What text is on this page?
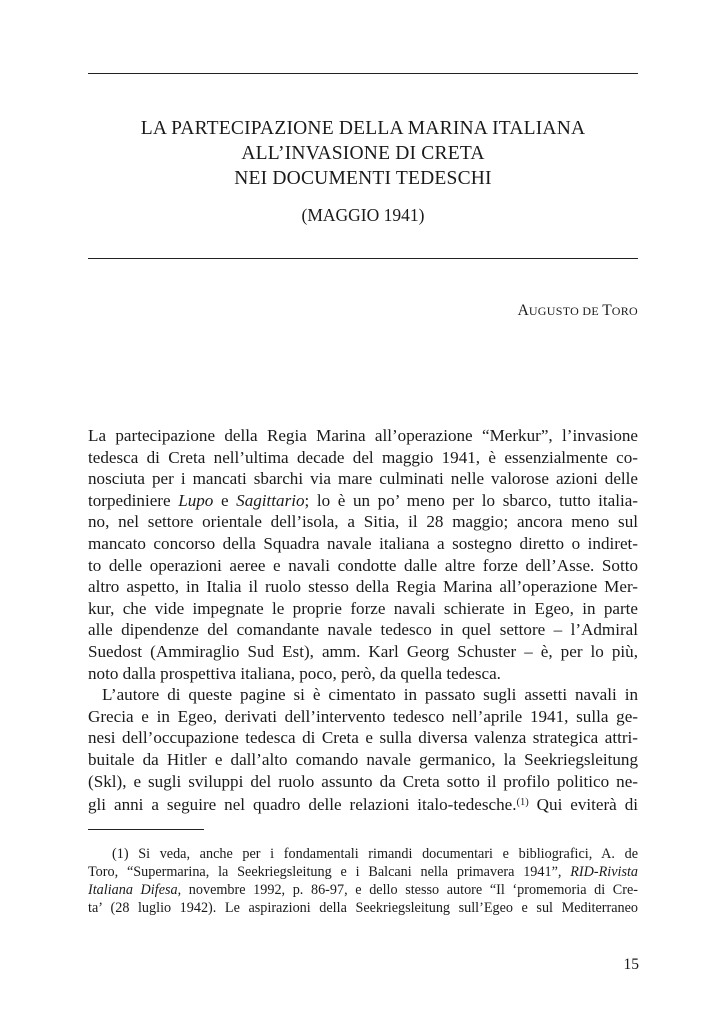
LA PARTECIPAZIONE DELLA MARINA ITALIANA
ALL’INVASIONE DI CRETA
NEI DOCUMENTI TEDESCHI
(MAGGIO 1941)
AUGUSTO DE TORO
La partecipazione della Regia Marina all’operazione “Merkur”, l’invasione
tedesca di Creta nell’ultima decade del maggio 1941, è essenzialmente co-
nosciuta per i mancati sbarchi via mare culminati nelle valorose azioni delle
torpediniere Lupo e Sagittario; lo è un po’ meno per lo sbarco, tutto italia-
no, nel settore orientale dell’isola, a Sitia, il 28 maggio; ancora meno sul
mancato concorso della Squadra navale italiana a sostegno diretto o indiret-
to delle operazioni aeree e navali condotte dalle altre forze dell’Asse. Sotto
altro aspetto, in Italia il ruolo stesso della Regia Marina all’operazione Mer-
kur, che vide impegnate le proprie forze navali schierate in Egeo, in parte
alle dipendenze del comandante navale tedesco in quel settore – l’Admiral
Suedost (Ammiraglio Sud Est), amm. Karl Georg Schuster – è, per lo più,
noto dalla prospettiva italiana, poco, però, da quella tedesca.
L’autore di queste pagine si è cimentato in passato sugli assetti navali in
Grecia e in Egeo, derivati dell’intervento tedesco nell’aprile 1941, sulla ge-
nesi dell’occupazione tedesca di Creta e sulla diversa valenza strategica attri-
buitale da Hitler e dall’alto comando navale germanico, la Seekriegsleitung
(Skl), e sugli sviluppi del ruolo assunto da Creta sotto il profilo politico ne-
gli anni a seguire nel quadro delle relazioni italo-tedesche.$^{(1)}$ Qui eviterà di
(1) Si veda, anche per i fondamentali rimandi documentari e bibliografici, A. de
Toro, “Supermarina, la Seekriegsleitung e i Balcani nella primavera 1941”, RID-Rivista
Italiana Difesa, novembre 1992, p. 86-97, e dello stesso autore “Il ‘promemoria di Cre-
ta’ (28 luglio 1942). Le aspirazioni della Seekriegsleitung sull’Egeo e sul Mediterraneo
15
